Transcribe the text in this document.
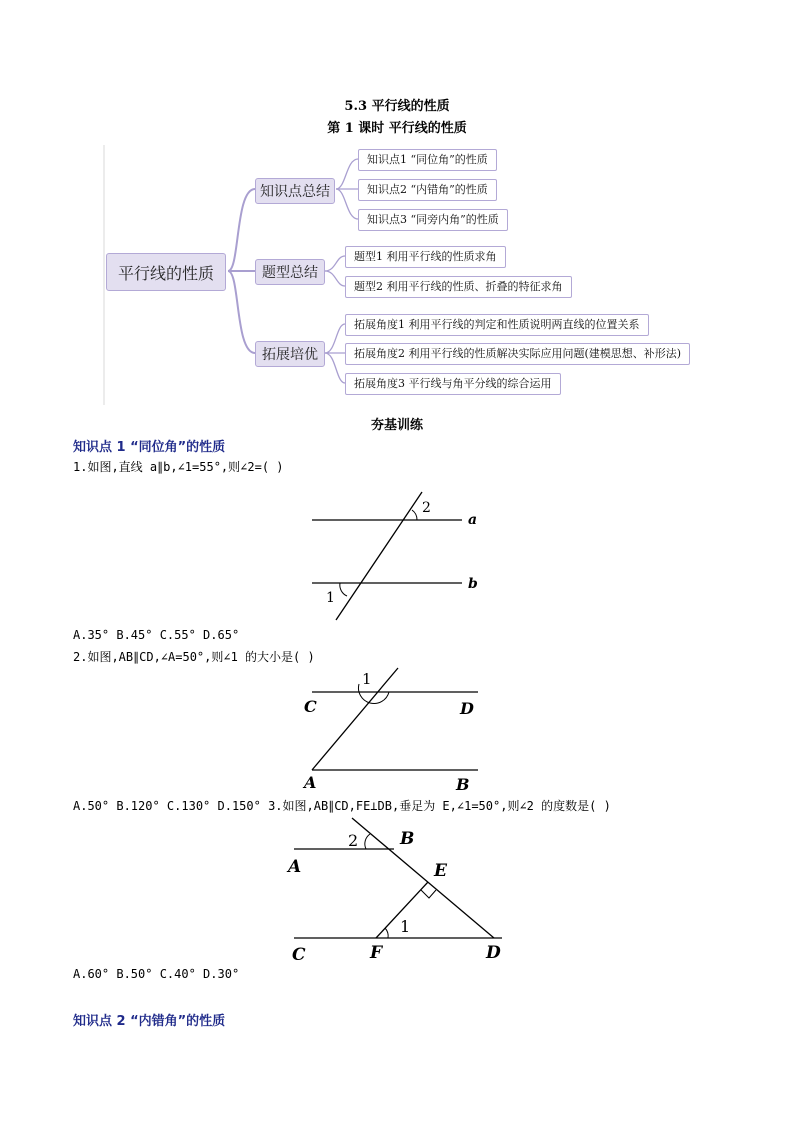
5.3 平行线的性质
第 1 课时 平行线的性质
平行线的性质
知识点总结
题型总结
拓展培优
知识点1 “同位角”的性质
知识点2 “内错角”的性质
知识点3 “同旁内角”的性质
题型1 利用平行线的性质求角
题型2 利用平行线的性质、折叠的特征求角
拓展角度1 利用平行线的判定和性质说明两直线的位置关系
拓展角度2 利用平行线的性质解决实际应用问题(建模思想、补形法)
拓展角度3 平行线与角平分线的综合运用
夯基训练
知识点 1 “同位角”的性质
1.如图,直线 a∥b,∠1=55°,则∠2=( )
2
1
a
b
A.35° B.45° C.55° D.65°
2.如图,AB∥CD,∠A=50°,则∠1 的大小是( )
1
C	D
A	B
A.50° B.120° C.130° D.150° 3.如图,AB∥CD,FE⊥DB,垂足为 E,∠1=50°,则∠2 的度数是( )
2
1
A
B
E
C	F	D
A.60° B.50° C.40° D.30°
知识点 2 “内错角”的性质
